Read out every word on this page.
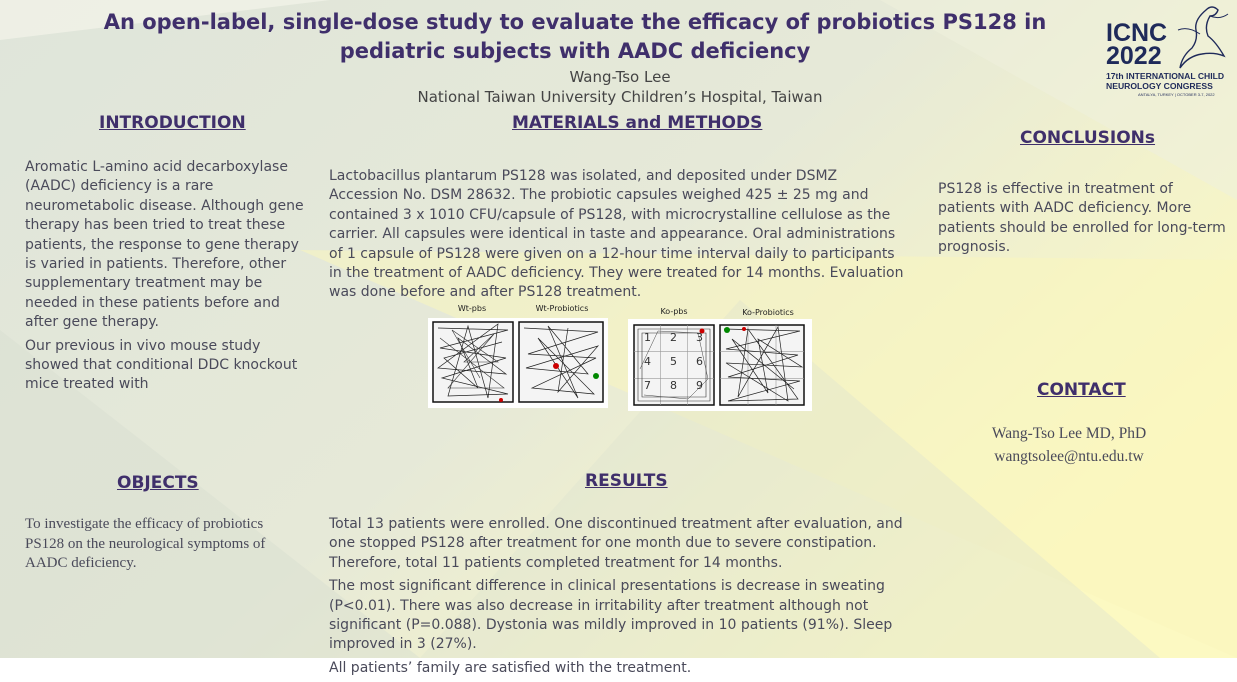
An open-label, single-dose study to evaluate the efficacy of probiotics PS128 in pediatric subjects with AADC deficiency
Wang-Tso Lee
National Taiwan University Children’s Hospital, Taiwan
ICNC
2022
17th INTERNATIONAL CHILD
NEUROLOGY CONGRESS
ANTALYA, TURKEY | OCTOBER 3-7, 2022
INTRODUCTION

Aromatic L-amino acid decarboxylase (AADC) deficiency is a rare neurometabolic disease. Although gene therapy has been tried to treat these patients, the response to gene therapy is varied in patients. Therefore, other supplementary treatment may be needed in these patients before and after gene therapy.

Our previous in vivo mouse study showed that conditional DDC knockout mice treated with

MATERIALS and METHODS
Lactobacillus plantarum PS128 was isolated, and deposited under DSMZ Accession No. DSM 28632. The probiotic capsules weighed 425 ± 25 mg and contained 3 x 1010 CFU/capsule of PS128, with microcrystalline cellulose as the carrier. All capsules were identical in taste and appearance. Oral administrations of 1 capsule of PS128 were given on a 12-hour time interval daily to participants in the treatment of AADC deficiency. They were treated for 14 months. Evaluation was done before and after PS128 treatment.
Wt-pbs	Wt-Probiotics	Ko-pbs	Ko-Probiotics
1 2 3
4 5 6
7 8 9
CONCLUSIONs
PS128 is effective in treatment of patients with AADC deficiency. More patients should be enrolled for long-term prognosis.
CONTACT
Wang-Tso Lee MD, PhD
wangtsolee@ntu.edu.tw
OBJECTS
To investigate the efficacy of probiotics PS128 on the neurological symptoms of AADC deficiency.
RESULTS

Total 13 patients were enrolled. One discontinued treatment after evaluation, and one stopped PS128 after treatment for one month due to severe constipation. Therefore, total 11 patients completed treatment for 14 months.

The most significant difference in clinical presentations is decrease in sweating (P<0.01). There was also decrease in irritability after treatment although not significant (P=0.088). Dystonia was mildly improved in 10 patients (91%). Sleep improved in 3 (27%).

All patients’ family are satisfied with the treatment.
